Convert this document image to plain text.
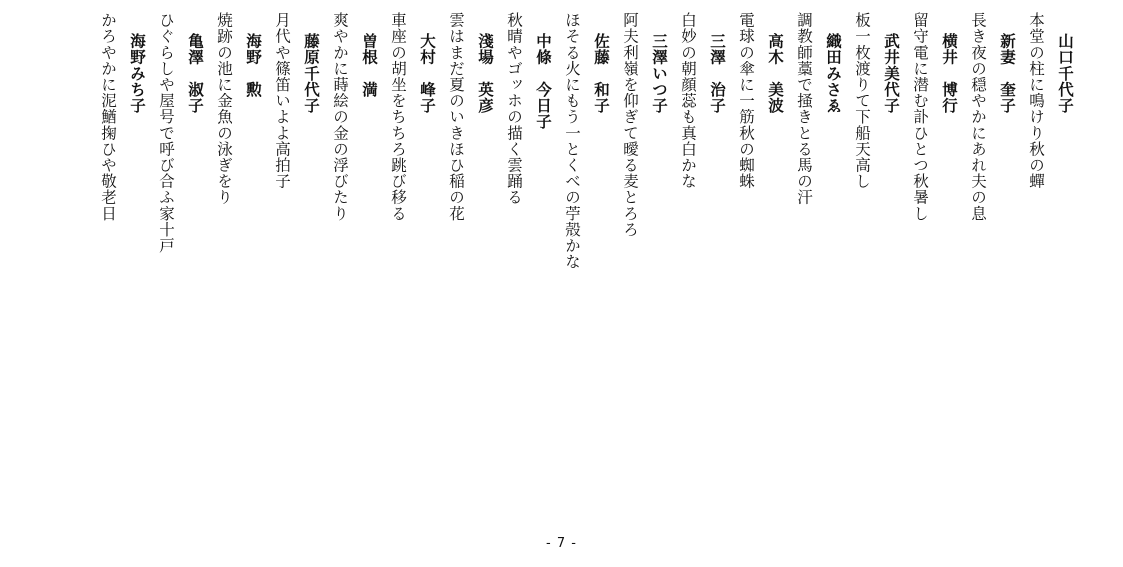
山口千代子
本堂の柱に鳴けり秋の蟬
新妻　奎子
長き夜の穏やかにあれ夫の息
横井　博行
留守電に潜む訃ひとつ秋暑し
武井美代子
板一枚渡りて下船天高し
織田みさゑ
調教師藁で掻きとる馬の汗
高木　美波
電球の傘に一筋秋の蜘蛛
三澤　治子
白妙の朝顔蕊も真白かな
三澤いつ子
阿夫利嶺を仰ぎて曖る麦とろろ
佐藤　和子
ほそる火にもう一とくべの苧殻かな
中條　今日子
秋晴やゴッホの描く雲踊る
淺場　英彦
雲はまだ夏のいきほひ稲の花
大村　峰子
車座の胡坐をちちろ跳び移る
曽根　満
爽やかに蒔絵の金の浮びたり
藤原千代子
月代や篠笛いよよ高拍子
海野　勲
焼跡の池に金魚の泳ぎをり
亀澤　淑子
ひぐらしや屋号で呼び合ふ家十戸
海野みち子
かろやかに泥鰌掬ひや敬老日
- 7 -
